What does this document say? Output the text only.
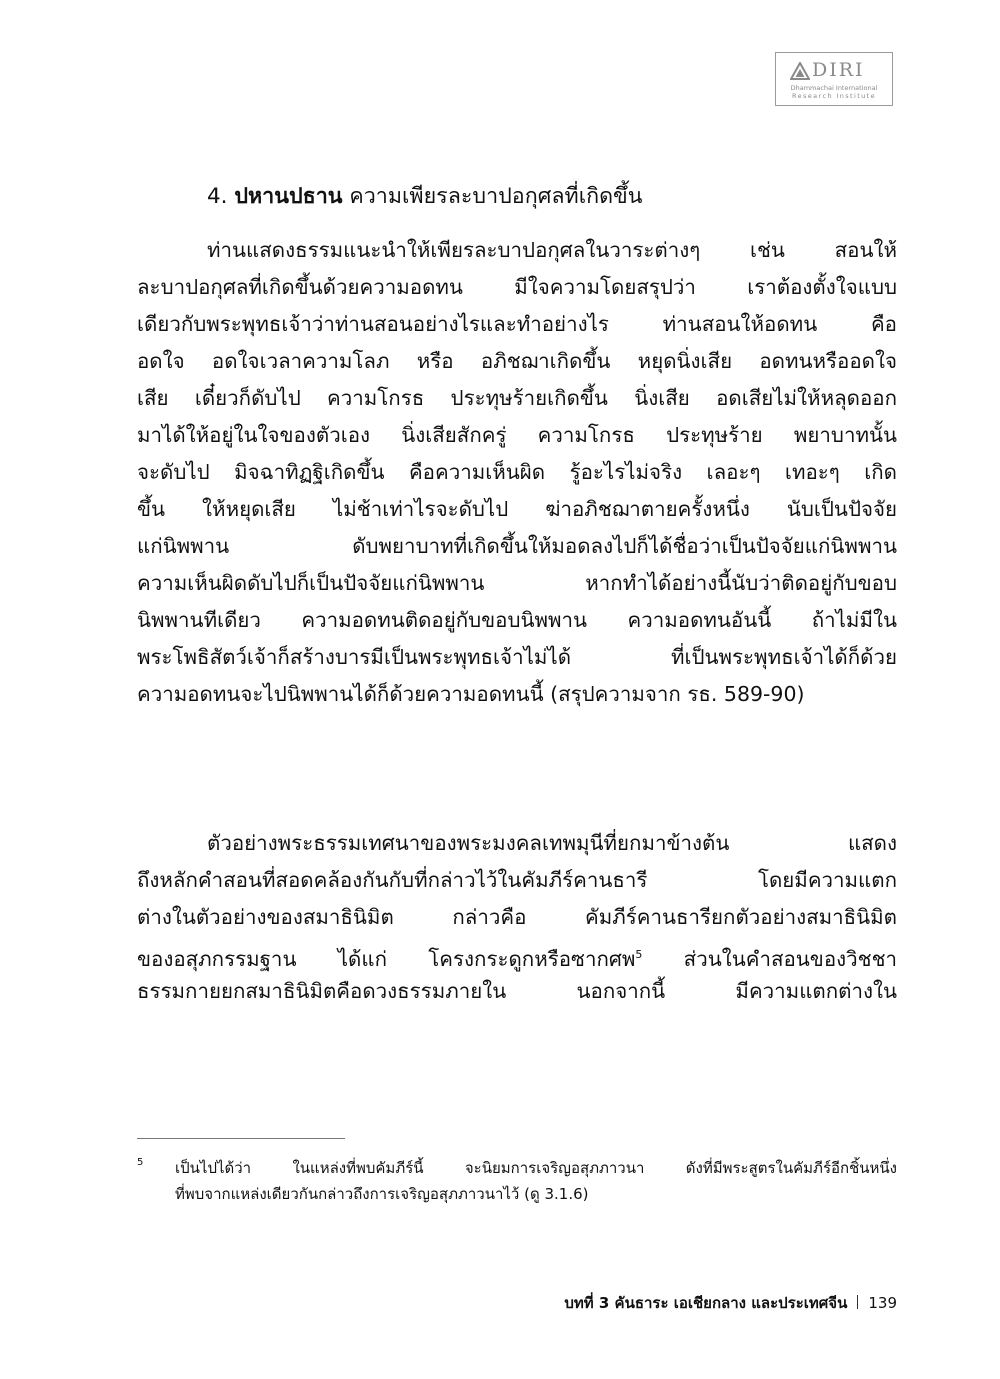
DIRI
Dhammachai International
Research Institute
4. ปหานปธาน ความเพียรละบาปอกุศลที่เกิดขึ้น
ท่านแสดงธรรมแนะนำให้เพียรละบาปอกุศลในวาระต่างๆ เช่น สอนให้
ละบาปอกุศลที่เกิดขึ้นด้วยความอดทน มีใจความโดยสรุปว่า เราต้องตั้งใจแบบ
เดียวกับพระพุทธเจ้าว่าท่านสอนอย่างไรและทำอย่างไร ท่านสอนให้อดทน คือ
อดใจ อดใจเวลาความโลภ หรือ อภิชฌาเกิดขึ้น หยุดนิ่งเสีย อดทนหรืออดใจ
เสีย เดี๋ยวก็ดับไป ความโกรธ ประทุษร้ายเกิดขึ้น นิ่งเสีย อดเสียไม่ให้หลุดออก
มาได้ให้อยู่ในใจของตัวเอง นิ่งเสียสักครู่ ความโกรธ ประทุษร้าย พยาบาทนั้น
จะดับไป มิจฉาทิฏฐิเกิดขึ้น คือความเห็นผิด รู้อะไรไม่จริง เลอะๆ เทอะๆ เกิด
ขึ้น ให้หยุดเสีย ไม่ช้าเท่าไรจะดับไป ฆ่าอภิชฌาตายครั้งหนึ่ง นับเป็นปัจจัย
แก่นิพพาน ดับพยาบาทที่เกิดขึ้นให้มอดลงไปก็ได้ชื่อว่าเป็นปัจจัยแก่นิพพาน
ความเห็นผิดดับไปก็เป็นปัจจัยแก่นิพพาน หากทำได้อย่างนี้นับว่าติดอยู่กับขอบ
นิพพานทีเดียว ความอดทนติดอยู่กับขอบนิพพาน ความอดทนอันนี้ ถ้าไม่มีใน
พระโพธิสัตว์เจ้าก็สร้างบารมีเป็นพระพุทธเจ้าไม่ได้ ที่เป็นพระพุทธเจ้าได้ก็ด้วย
ความอดทนจะไปนิพพานได้ก็ด้วยความอดทนนี้ (สรุปความจาก รธ. 589-90)
ตัวอย่างพระธรรมเทศนาของพระมงคลเทพมุนีที่ยกมาข้างต้น แสดง
ถึงหลักคำสอนที่สอดคล้องกันกับที่กล่าวไว้ในคัมภีร์คานธารี โดยมีความแตก
ต่างในตัวอย่างของสมาธินิมิต กล่าวคือ คัมภีร์คานธารียกตัวอย่างสมาธินิมิต
ของอสุภกรรมฐาน ได้แก่ โครงกระดูกหรือซากศพ$^5$ ส่วนในคำสอนของวิชชา
ธรรมกายยกสมาธินิมิตคือดวงธรรมภายใน นอกจากนี้ มีความแตกต่างใน
5 เป็นไปได้ว่า ในแหล่งที่พบคัมภีร์นี้ จะนิยมการเจริญอสุภภาวนา ดังที่มีพระสูตรในคัมภีร์อีกชิ้นหนึ่ง
ที่พบจากแหล่งเดียวกันกล่าวถึงการเจริญอสุภภาวนาไว้ (ดู 3.1.6)
บทที่ 3 คันธาระ เอเชียกลาง และประเทศจีน 139
